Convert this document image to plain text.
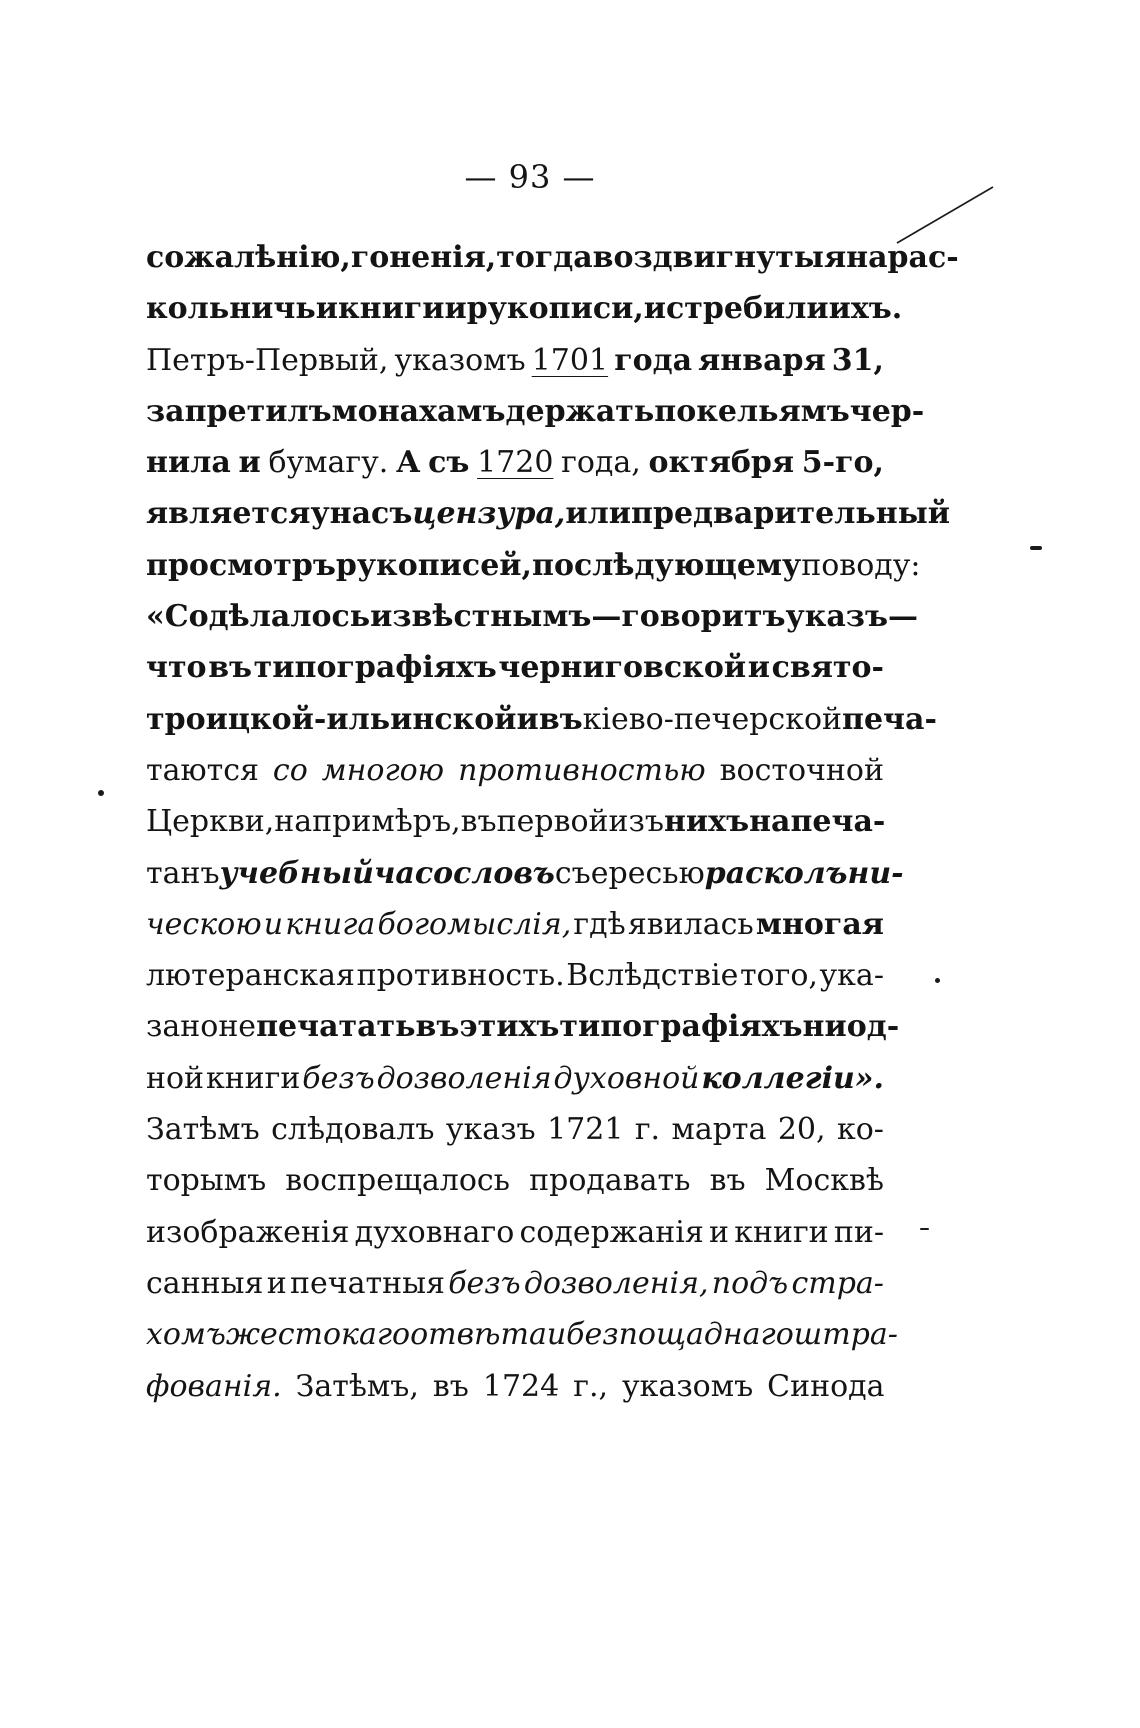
— 93 —
сожалѣнію, гоненія, тогда воздвигнутыя на рас-
кольничьи книги и рукописи, истребили ихъ.
Петръ-Первый, указомъ 1701 года января 31,
запретилъ монахамъ держать по кельямъ чер-
нила и бумагу. А съ 1720 года, октября 5-го,
является у насъ цензура, или предварительный
просмотръ рукописей, по слѣдующему поводу:
«Содѣлалось извѣстнымъ — говоритъ указъ —
что въ типографіяхъ черниговской и свято-
троицкой-ильинской и въ кіево-печерской печа-
таются со многою противностью восточной
Церкви, напримѣръ, въ первой изъ нихъ напеча-
танъ учебный часословъ съ ересью расколъни-
ческою и книга богомыслія, гдѣ явилась многая
лютеранская противность. Вслѣдствіе того, ука-
зано не печатать въ этихъ типографіяхъ ни од-
ной книги безъ дозволенія духовной коллегіи».
Затѣмъ слѣдовалъ указъ 1721 г. марта 20, ко-
торымъ воспрещалось продавать въ Москвѣ
изображенія духовнаго содержанія и книги пи-
санныя и печатныя безъ дозволенія, подъ стра-
хомъ жестокаго отвѣта и безпощаднаго штра-
фованія. Затѣмъ, въ 1724 г., указомъ Синода
